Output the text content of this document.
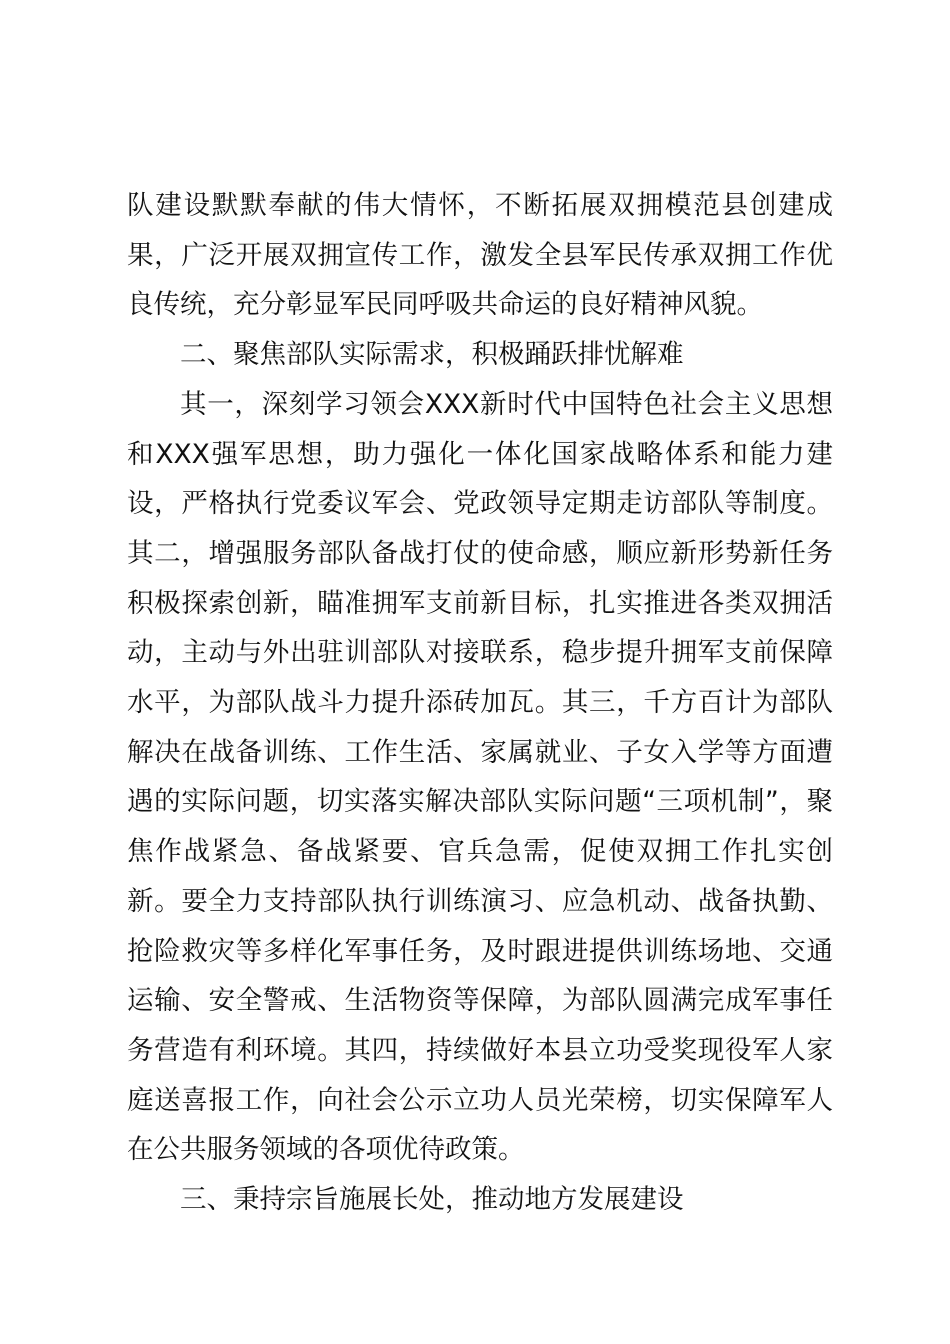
队建设默默奉献的伟大情怀，不断拓展双拥模范县创建成果，广泛开展双拥宣传工作，激发全县军民传承双拥工作优良传统，充分彰显军民同呼吸共命运的良好精神风貌。

二、聚焦部队实际需求，积极踊跃排忧解难

其一，深刻学习领会XXX新时代中国特色社会主义思想和XXX强军思想，助力强化一体化国家战略体系和能力建设，严格执行党委议军会、党政领导定期走访部队等制度。其二，增强服务部队备战打仗的使命感，顺应新形势新任务积极探索创新，瞄准拥军支前新目标，扎实推进各类双拥活动，主动与外出驻训部队对接联系，稳步提升拥军支前保障水平，为部队战斗力提升添砖加瓦。其三，千方百计为部队解决在战备训练、工作生活、家属就业、子女入学等方面遭遇的实际问题，切实落实解决部队实际问题“三项机制”，聚焦作战紧急、备战紧要、官兵急需，促使双拥工作扎实创新。要全力支持部队执行训练演习、应急机动、战备执勤、抢险救灾等多样化军事任务，及时跟进提供训练场地、交通运输、安全警戒、生活物资等保障，为部队圆满完成军事任务营造有利环境。其四，持续做好本县立功受奖现役军人家庭送喜报工作，向社会公示立功人员光荣榜，切实保障军人在公共服务领域的各项优待政策。

三、秉持宗旨施展长处，推动地方发展建设
